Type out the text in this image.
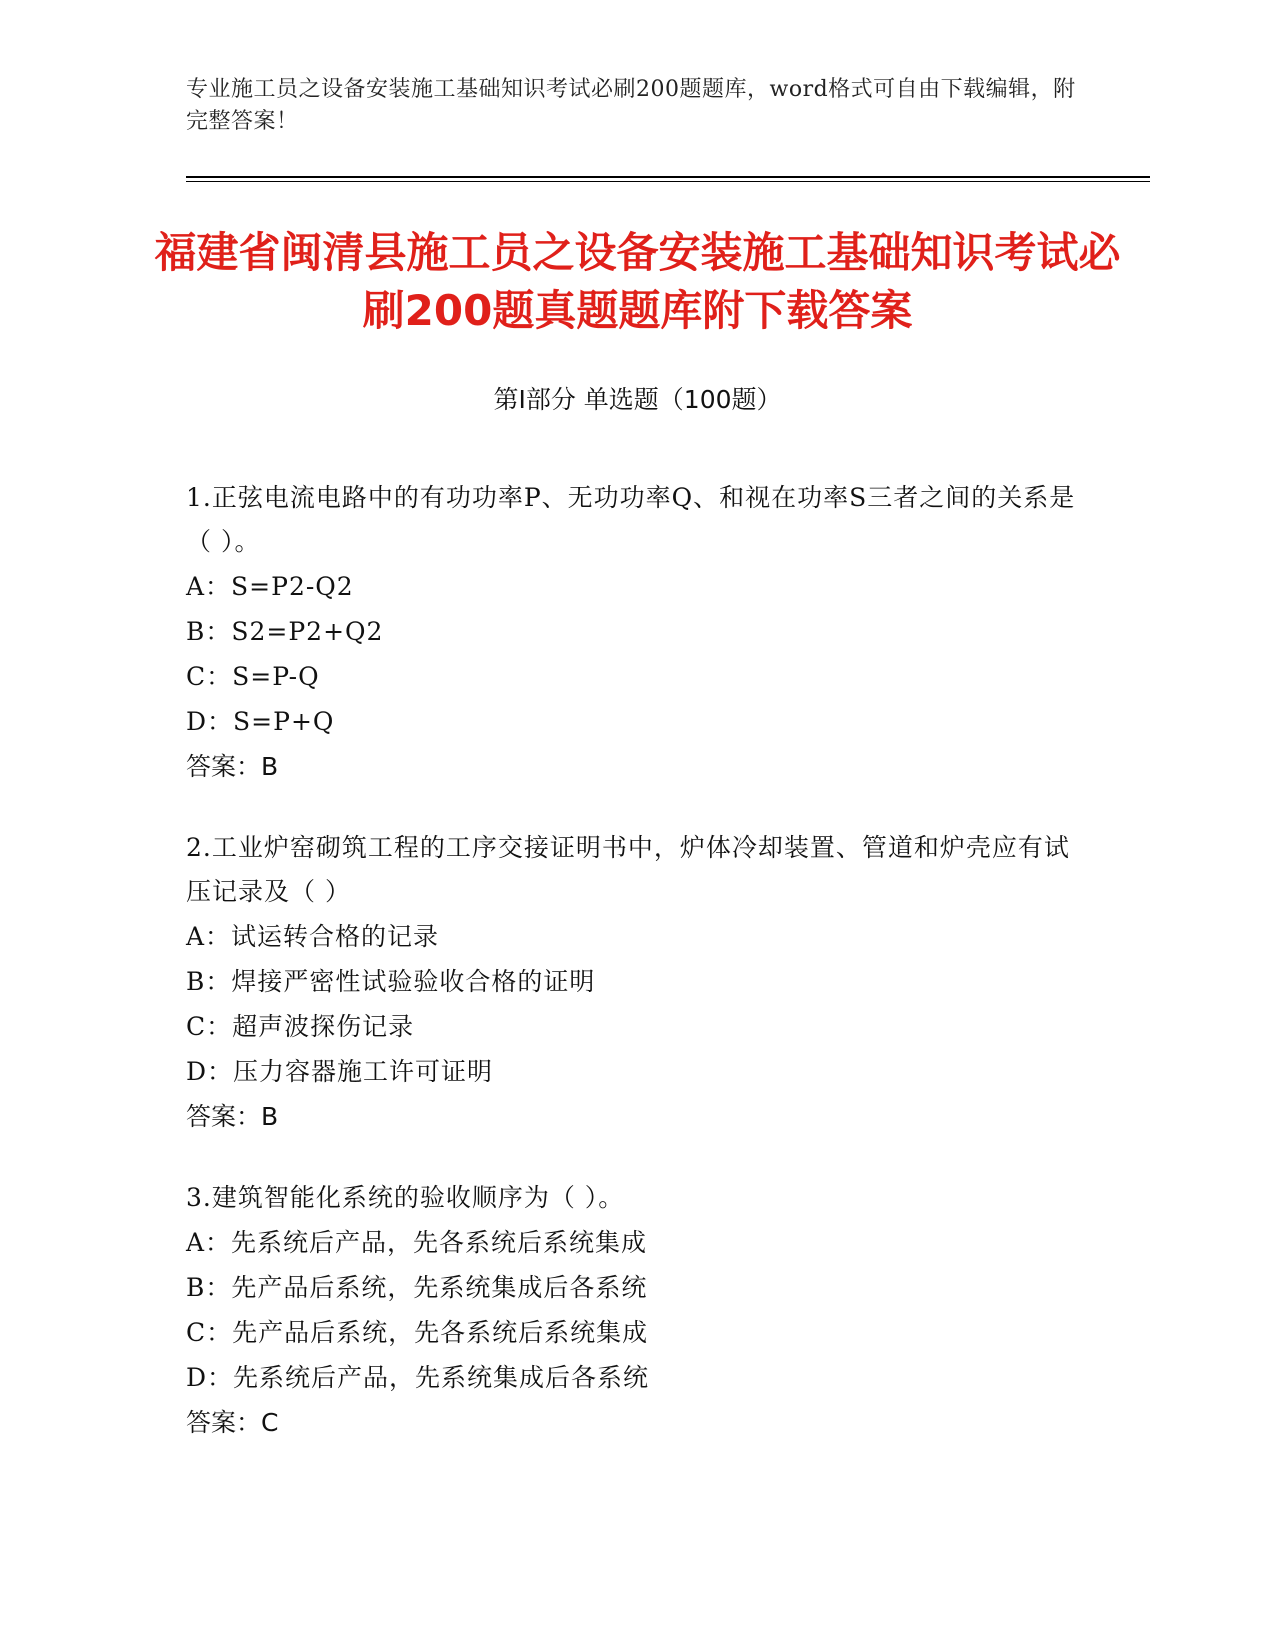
专业施工员之设备安装施工基础知识考试必刷200题题库，word格式可自由下载编辑，附完整答案！
福建省闽清县施工员之设备安装施工基础知识考试必刷200题真题题库附下载答案
第Ⅰ部分 单选题（100题）
1.正弦电流电路中的有功功率P、无功功率Q、和视在功率S三者之间的关系是（ ）。
A：S=P2-Q2
B：S2=P2+Q2
C：S=P-Q
D：S=P+Q
答案：B
2.工业炉窑砌筑工程的工序交接证明书中，炉体冷却装置、管道和炉壳应有试压记录及（ ）
A：试运转合格的记录
B：焊接严密性试验验收合格的证明
C：超声波探伤记录
D：压力容器施工许可证明
答案：B
3.建筑智能化系统的验收顺序为（ ）。
A：先系统后产品，先各系统后系统集成
B：先产品后系统，先系统集成后各系统
C：先产品后系统，先各系统后系统集成
D：先系统后产品，先系统集成后各系统
答案：C
